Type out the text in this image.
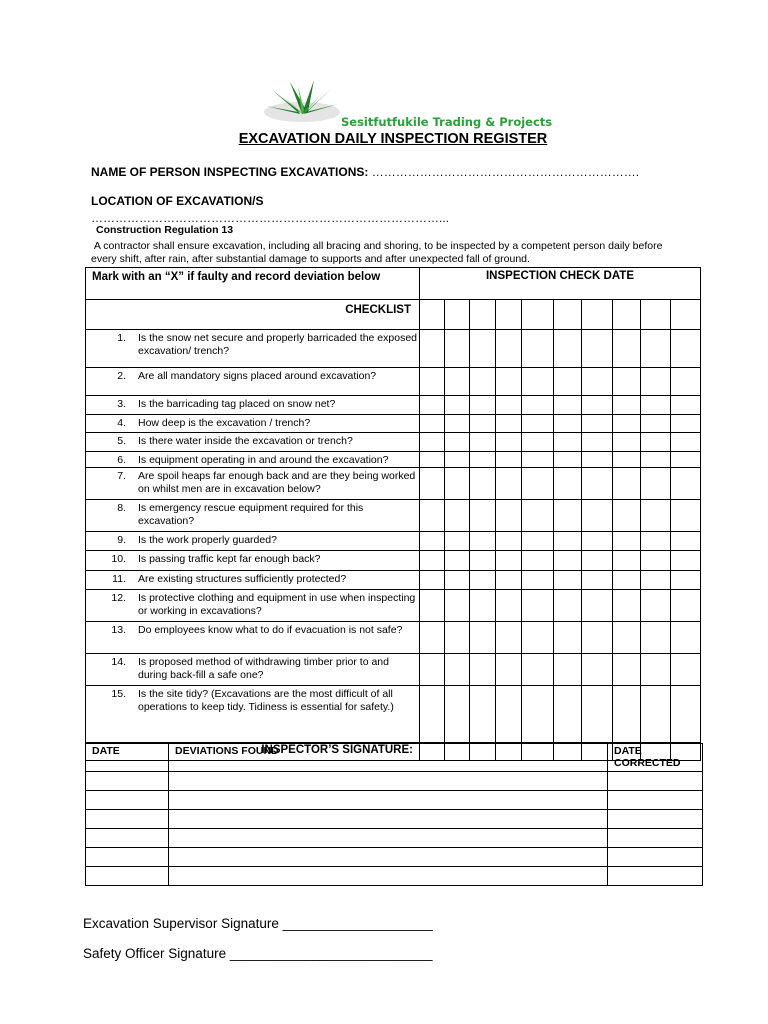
Sesitfutfukile Trading & Projects
EXCAVATION DAILY INSPECTION REGISTER
NAME OF PERSON INSPECTING EXCAVATIONS: ………………………………………………………….
LOCATION OF EXCAVATION/S
……………………………………………………………………………...
Construction Regulation 13
A contractor shall ensure excavation, including all bracing and shoring, to be inspected by a competent person daily before every shift, after rain, after substantial damage to supports and after unexpected fall of ground.
Mark with an “X” if faulty and record deviation below	INSPECTION CHECK DATE									
CHECKLIST										

1. Is the snow net secure and properly barricaded the exposed excavation/ trench?										

2. Are all mandatory signs placed around excavation?										

3. Is the barricading tag placed on snow net?										

4. How deep is the excavation / trench?										

5. Is there water inside the excavation or trench?										

6. Is equipment operating in and around the excavation?										

7. Are spoil heaps far enough back and are they being worked on whilst men are in excavation below?										

8. Is emergency rescue equipment required for this excavation?										

9. Is the work properly guarded?										

10. Is passing traffic kept far enough back?										

11. Are existing structures sufficiently protected?										

12. Is protective clothing and equipment in use when inspecting or working in excavations?										

13. Do employees know what to do if evacuation is not safe?										

14. Is proposed method of withdrawing timber prior to and during back-fill a safe one?										

15. Is the site tidy? (Excavations are the most difficult of all operations to keep tidy. Tidiness is essential for safety.)										

INSPECTOR’S SIGNATURE:										
DATE	DEVIATIONS FOUND	DATE CORRECTED

Excavation Supervisor Signature ____________________
Safety Officer Signature ___________________________
